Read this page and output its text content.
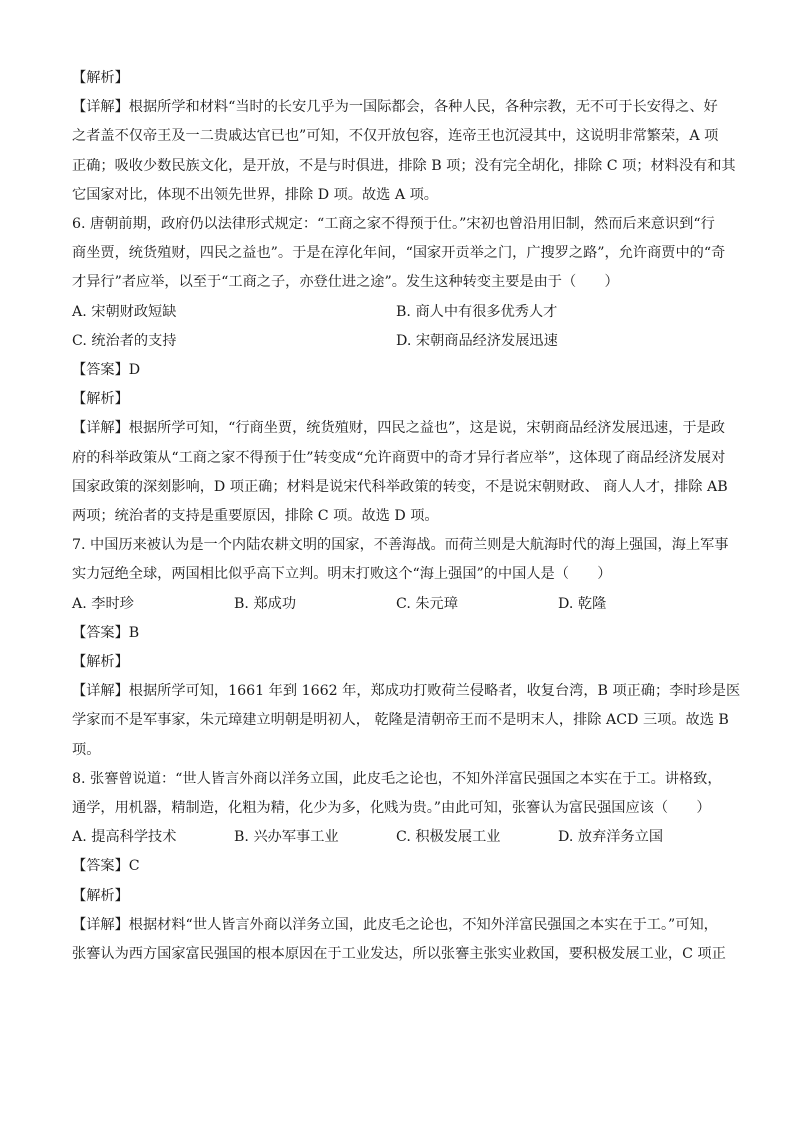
【解析】

【详解】根据所学和材料“当时的长安几乎为一国际都会，各种人民，各种宗教，无不可于长安得之、好

之者盖不仅帝王及一二贵戚达官已也”可知，不仅开放包容，连帝王也沉浸其中，这说明非常繁荣，A 项

正确；吸收少数民族文化，是开放，不是与时俱进，排除 B 项；没有完全胡化，排除 C 项；材料没有和其

它国家对比，体现不出领先世界，排除 D 项。故选 A 项。

6. 唐朝前期，政府仍以法律形式规定：“工商之家不得预于仕。”宋初也曾沿用旧制，然而后来意识到“行

商坐贾，统货殖财，四民之益也”。于是在淳化年间，“国家开贡举之门，广搜罗之路”，允许商贾中的“奇

才异行”者应举，以至于“工商之子，亦登仕进之途”。发生这种转变主要是由于（　　）

A. 宋朝财政短缺	B. 商人中有很多优秀人才
C. 统治者的支持	D. 宋朝商品经济发展迅速

【答案】D

【解析】

【详解】根据所学可知，“行商坐贾，统货殖财，四民之益也”，这是说，宋朝商品经济发展迅速，于是政

府的科举政策从“工商之家不得预于仕”转变成“允许商贾中的奇才异行者应举”，这体现了商品经济发展对

国家政策的深刻影响，D 项正确；材料是说宋代科举政策的转变，不是说宋朝财政、 商人人才，排除 AB

两项；统治者的支持是重要原因，排除 C 项。故选 D 项。

7. 中国历来被认为是一个内陆农耕文明的国家，不善海战。而荷兰则是大航海时代的海上强国，海上军事

实力冠绝全球，两国相比似乎高下立判。明末打败这个“海上强国”的中国人是（　　）

A. 李时珍	B. 郑成功	C. 朱元璋	D. 乾隆

【答案】B

【解析】

【详解】根据所学可知，1661 年到 1662 年，郑成功打败荷兰侵略者，收复台湾，B 项正确；李时珍是医

学家而不是军事家，朱元璋建立明朝是明初人， 乾隆是清朝帝王而不是明末人，排除 ACD 三项。故选 B

项。

8. 张謇曾说道：“世人皆言外商以洋务立国，此皮毛之论也，不知外洋富民强国之本实在于工。讲格致，

通学，用机器，精制造，化粗为精，化少为多，化贱为贵。”由此可知，张謇认为富民强国应该（　　）

A. 提高科学技术	B. 兴办军事工业	C. 积极发展工业	D. 放弃洋务立国

【答案】C

【解析】

【详解】根据材料“世人皆言外商以洋务立国，此皮毛之论也，不知外洋富民强国之本实在于工。”可知，

张謇认为西方国家富民强国的根本原因在于工业发达，所以张謇主张实业救国，要积极发展工业，C 项正
